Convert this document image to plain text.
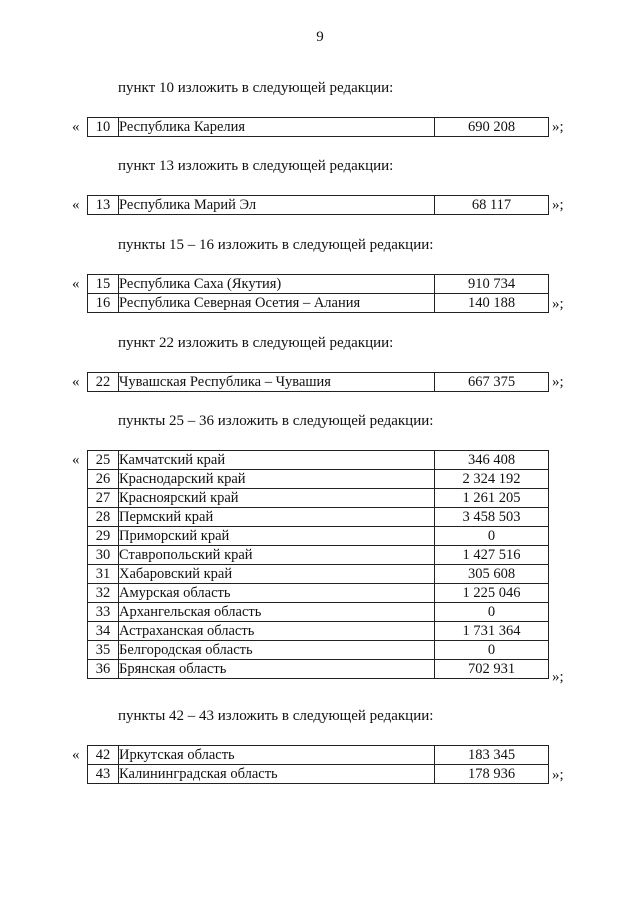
9
пункт 10 изложить в следующей редакции:
« 10	Республика Карелия	690 208 »;
пункт 13 изложить в следующей редакции:
« 13	Республика Марий Эл	68 117	»;
пункты 15 – 16 изложить в следующей редакции:
« 15	Республика Саха (Якутия)	910 734
16	Республика Северная Осетия – Алания	140 188 »;
пункт 22 изложить в следующей редакции:
« 22	Чувашская Республика – Чувашия	667 375 »;
пункты 25 – 36 изложить в следующей редакции:
« 25	Камчатский край	346 408
26	Краснодарский край	2 324 192
27	Красноярский край	1 261 205
28	Пермский край	3 458 503
29	Приморский край	0
30	Ставропольский край	1 427 516
31	Хабаровский край	305 608
32	Амурская область	1 225 046
33	Архангельская область	0
34	Астраханская область	1 731 364
35	Белгородская область	0
36	Брянская область	702 931 »;
пункты 42 – 43 изложить в следующей редакции:
« 42	Иркутская область	183 345
43	Калининградская область	178 936 »;
